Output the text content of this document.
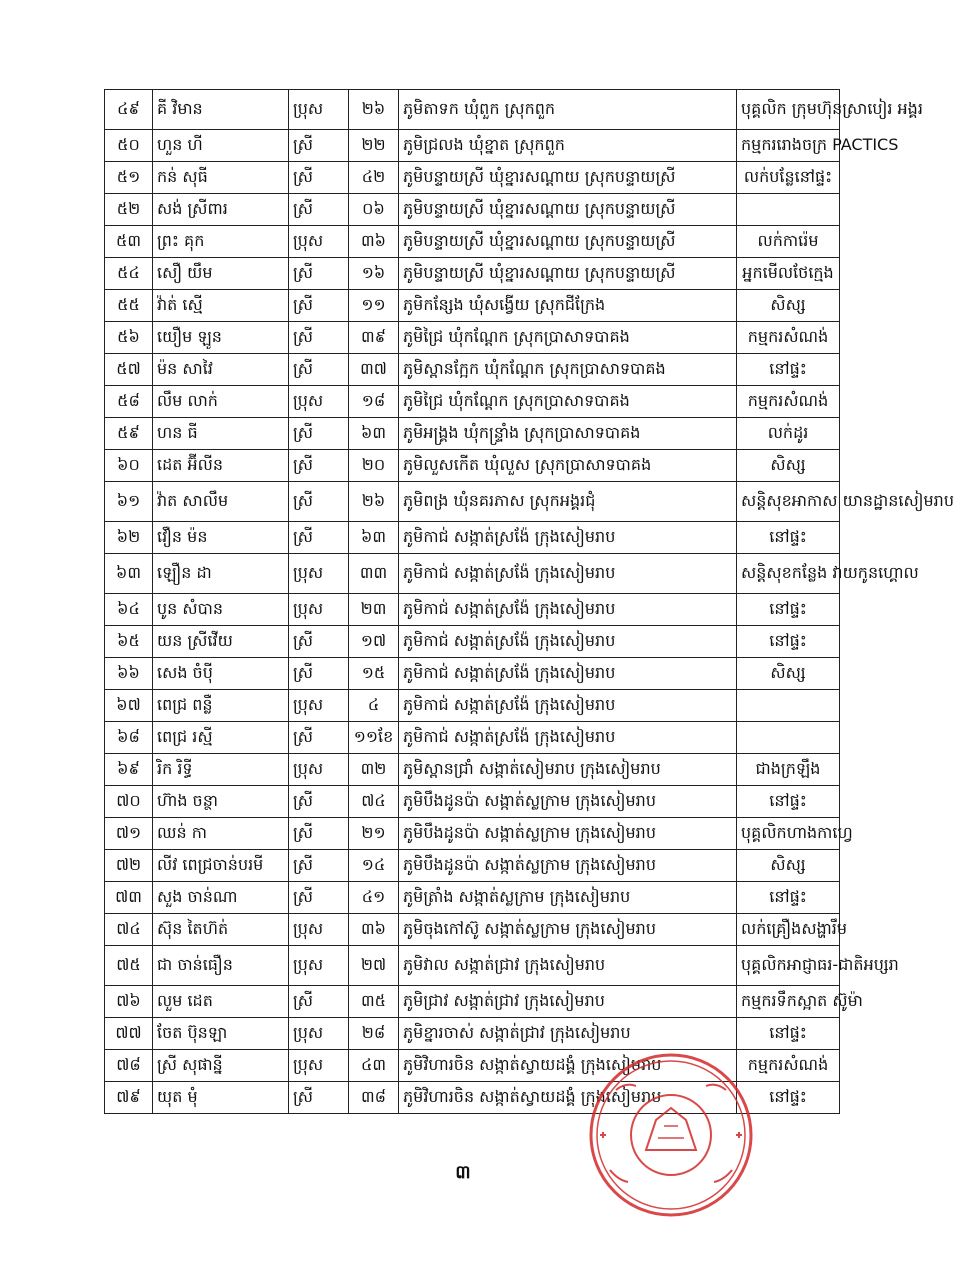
៤៩	គី វិមាន	ប្រុស	២៦	ភូមិតាទក ឃុំពួក ស្រុកពួក	បុគ្គលិក ក្រុមហ៊ុនស្រាបៀរ អង្គរ
៥០	ហួន ហី	ស្រី	២២	ភូមិជ្រលង ឃុំខ្នាត ស្រុកពួក	កម្មកររោងចក្រ PACTICS
៥១	កន់ សុធី	ស្រី	៤២	ភូមិបន្ទាយស្រី ឃុំខ្នារសណ្ដាយ ស្រុកបន្ទាយស្រី	លក់បន្លែនៅផ្ទះ
៥២	សង់ ស្រីពារ	ស្រី	០៦	ភូមិបន្ទាយស្រី ឃុំខ្នារសណ្ដាយ ស្រុកបន្ទាយស្រី	
៥៣	ព្រះ គុក	ប្រុស	៣៦	ភូមិបន្ទាយស្រី ឃុំខ្នារសណ្ដាយ ស្រុកបន្ទាយស្រី	លក់ការ៉េម
៥៤	សឿ យឹម	ស្រី	១៦	ភូមិបន្ទាយស្រី ឃុំខ្នារសណ្ដាយ ស្រុកបន្ទាយស្រី	អ្នកមើលថែក្មេង
៥៥	វ៉ាត់ ស្មើ	ស្រី	១១	ភូមិកន្សែង ឃុំសង្វើយ ស្រុកជីក្រែង	សិស្ស
៥៦	យឿម ឡូន	ស្រី	៣៩	ភូមិជ្រៃ ឃុំកណ្ដែក ស្រុកប្រាសាទបាគង	កម្មករសំណង់
៥៧	ម៉ន សាវៃ	ស្រី	៣៧	ភូមិស្ពានក្អែក ឃុំកណ្ដែក ស្រុកប្រាសាទបាគង	នៅផ្ទះ
៥៨	លឹម លាក់	ប្រុស	១៨	ភូមិជ្រៃ ឃុំកណ្ដែក ស្រុកប្រាសាទបាគង	កម្មករសំណង់
៥៩	ហន ធី	ស្រី	៦៣	ភូមិអង្រ្គង ឃុំកន្ទ្រាំង ស្រុកប្រាសាទបាគង	លក់ដូរ
៦០	ដេត អ៊ីលីន	ស្រី	២០	ភូមិលួសកើត ឃុំលួស ស្រុកប្រាសាទបាគង	សិស្ស
៦១	វ៉ាត សាលឹម	ស្រី	២៦	ភូមិពង្រ ឃុំនគរភាស ស្រុកអង្គរជុំ	សន្តិសុខអាកាស យានដ្ឋានសៀមរាប
៦២	វឿន ម៉ន	ស្រី	៦៣	ភូមិកាជ់ សង្កាត់ស្រង៉ែ ក្រុងសៀមរាប	នៅផ្ទះ
៦៣	ឡឿន ដា	ប្រុស	៣៣	ភូមិកាជ់ សង្កាត់ស្រង៉ែ ក្រុងសៀមរាប	សន្តិសុខកន្លែង វាយកូនហ្គោល
៦៤	បូន សំបាន	ប្រុស	២៣	ភូមិកាជ់ សង្កាត់ស្រង៉ែ ក្រុងសៀមរាប	នៅផ្ទះ
៦៥	យន ស្រីវើយ	ស្រី	១៧	ភូមិកាជ់ សង្កាត់ស្រង៉ែ ក្រុងសៀមរាប	នៅផ្ទះ
៦៦	សេង ចំប៉ី	ស្រី	១៥	ភូមិកាជ់ សង្កាត់ស្រង៉ែ ក្រុងសៀមរាប	សិស្ស
៦៧	ពេជ្រ ពន្លឺ	ប្រុស	៤	ភូមិកាជ់ សង្កាត់ស្រង៉ែ ក្រុងសៀមរាប	
៦៨	ពេជ្រ រស្មី	ស្រី	១១ខែ	ភូមិកាជ់ សង្កាត់ស្រង៉ែ ក្រុងសៀមរាប	
៦៩	រិក រិទ្ធី	ប្រុស	៣២	ភូមិស្ពានជ្រាំ សង្កាត់សៀមរាប ក្រុងសៀមរាប	ជាងក្រឡឹង
៧០	ហ៊ាង ចន្ថា	ស្រី	៧៤	ភូមិបឹងដូនប៉ា សង្កាត់ស្លក្រាម ក្រុងសៀមរាប	នៅផ្ទះ
៧១	ឈន់ កា	ស្រី	២១	ភូមិបឹងដូនប៉ា សង្កាត់ស្លក្រាម ក្រុងសៀមរាប	បុគ្គលិកហាងកាហ្វេ
៧២	លីវ ពេជ្រចាន់បរមី	ស្រី	១៤	ភូមិបឹងដូនប៉ា សង្កាត់ស្លក្រាម ក្រុងសៀមរាប	សិស្ស
៧៣	សួង ចាន់ណា	ស្រី	៤១	ភូមិត្រាំង សង្កាត់ស្លក្រាម ក្រុងសៀមរាប	នៅផ្ទះ
៧៤	ស៊ុន តៃហ៊ត់	ប្រុស	៣៦	ភូមិចុងកៅស៊ូ សង្កាត់ស្លក្រាម ក្រុងសៀមរាប	លក់គ្រឿងសង្ហារឹម
៧៥	ជា ចាន់ធឿន	ប្រុស	២៧	ភូមិវាល សង្កាត់ជ្រាវ ក្រុងសៀមរាប	បុគ្គលិកអាជ្ញាធរ-ជាតិអប្សរា
៧៦	លួម ដេត	ស្រី	៣៥	ភូមិជ្រាវ សង្កាត់ជ្រាវ ក្រុងសៀមរាប	កម្មករទឹកស្អាត ស៊ូម៉ា
៧៧	ចែត ប៊ុនឡា	ប្រុស	២៨	ភូមិខ្នារចាស់ សង្កាត់ជ្រាវ ក្រុងសៀមរាប	នៅផ្ទះ
៧៨	ស្រី សុផាន្នី	ប្រុស	៤៣	ភូមិវិហារចិន សង្កាត់ស្វាយដង្គំ ក្រុងសៀមរាប	កម្មករសំណង់
៧៩	យុត មុំ	ស្រី	៣៨	ភូមិវិហារចិន សង្កាត់ស្វាយដង្គំ ក្រុងសៀមរាប	នៅផ្ទះ
៣
